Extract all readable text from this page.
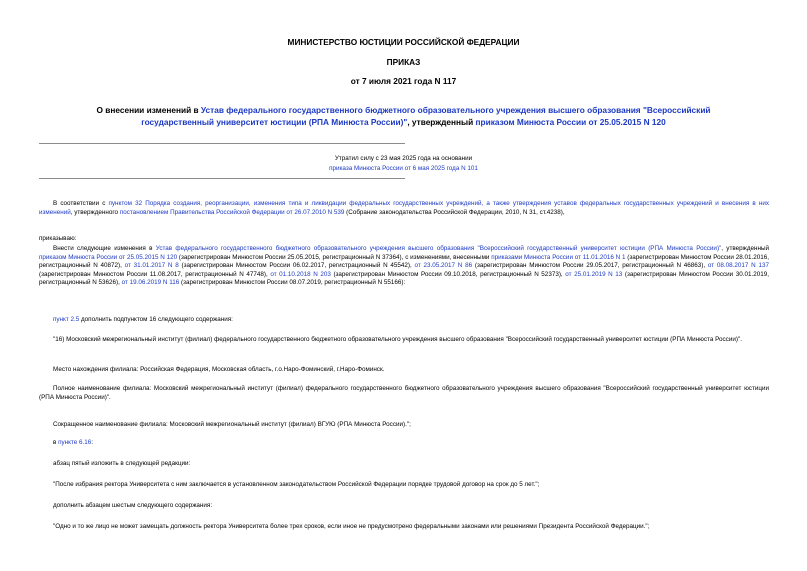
МИНИСТЕРСТВО ЮСТИЦИИ РОССИЙСКОЙ ФЕДЕРАЦИИ
ПРИКАЗ
от 7 июля 2021 года N 117
О внесении изменений в Устав федерального государственного бюджетного образовательного учреждения высшего образования "Всероссийский государственный университет юстиции (РПА Минюста России)", утвержденный приказом Минюста России от 25.05.2015 N 120
Утратил силу с 23 мая 2025 года на основании
приказа Минюста России от 6 мая 2025 года N 101
В соответствии с пунктом 32 Порядка создания, реорганизации, изменения типа и ликвидации федеральных государственных учреждений, а также утверждения уставов федеральных государственных учреждений и внесения в них изменений, утвержденного постановлением Правительства Российской Федерации от 26.07.2010 N 539 (Собрание законодательства Российской Федерации, 2010, N 31, ст.4238),
приказываю:
Внести следующие изменения в Устав федерального государственного бюджетного образовательного учреждения высшего образования "Всероссийский государственный университет юстиции (РПА Минюста России)", утвержденный приказом Минюста России от 25.05.2015 N 120 (зарегистрирован Минюстом России 25.05.2015, регистрационный N 37364), с изменениями, внесенными приказами Минюста России от 11.01.2016 N 1 (зарегистрирован Минюстом России 28.01.2016, регистрационный N 40872), от 31.01.2017 N 8 (зарегистрирован Минюстом России 06.02.2017, регистрационный N 45542), от 23.05.2017 N 86 (зарегистрирован Минюстом России 29.05.2017, регистрационный N 46863), от 08.08.2017 N 137 (зарегистрирован Минюстом России 11.08.2017, регистрационный N 47748), от 01.10.2018 N 203 (зарегистрирован Минюстом России 09.10.2018, регистрационный N 52373), от 25.01.2019 N 13 (зарегистрирован Минюстом России 30.01.2019, регистрационный N 53626), от 19.06.2019 N 116 (зарегистрирован Минюстом России 08.07.2019, регистрационный N 55166):
пункт 2.5 дополнить подпунктом 16 следующего содержания:
"16) Московский межрегиональный институт (филиал) федерального государственного бюджетного образовательного учреждения высшего образования "Всероссийский государственный университет юстиции (РПА Минюста России)".
Место нахождения филиала: Российская Федерация, Московская область, г.о.Наро-Фоминский, г.Наро-Фоминск.
Полное наименование филиала: Московский межрегиональный институт (филиал) федерального государственного бюджетного образовательного учреждения высшего образования "Всероссийский государственный университет юстиции (РПА Минюста России)".
Сокращенное наименование филиала: Московский межрегиональный институт (филиал) ВГУЮ (РПА Минюста России).";
в пункте 6.16:
абзац пятый изложить в следующей редакции:
"После избрания ректора Университета с ним заключается в установленном законодательством Российской Федерации порядке трудовой договор на срок до 5 лет.";
дополнить абзацем шестым следующего содержания:
"Одно и то же лицо не может замещать должность ректора Университета более трех сроков, если иное не предусмотрено федеральными законами или решениями Президента Российской Федерации.";
